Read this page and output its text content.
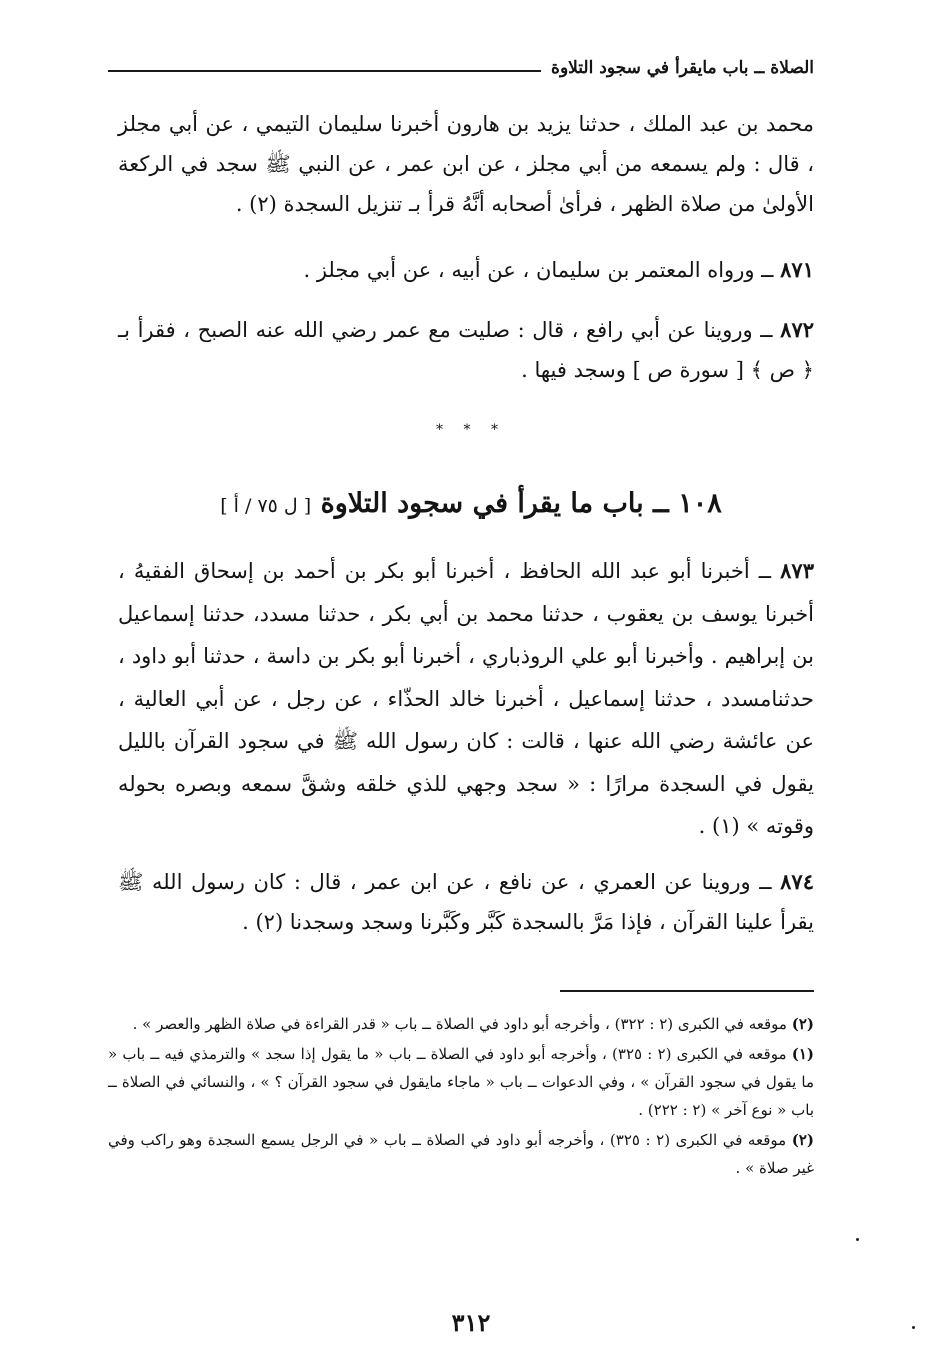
الصلاة ــ باب مايقرأ في سجود التلاوة

محمد بن عبد الملك ، حدثنا يزيد بن هارون أخبرنا سليمان التيمي ، عن أبي مجلز ، قال : ولم يسمعه من أبي مجلز ، عن ابن عمر ، عن النبي ﷺ سجد في الركعة الأولىٰ من صلاة الظهر ، فرأىٰ أصحابه أنَّهُ قرأ بـ تنزيل السجدة (٢) .

٨٧١ ــ ورواه المعتمر بن سليمان ، عن أبيه ، عن أبي مجلز .

٨٧٢ ــ وروينا عن أبي رافع ، قال : صليت مع عمر رضي الله عنه الصبح ، فقرأ بـ ﴿ ص ﴾ [ سورة ص ] وسجد فيها .

* * *
١٠٨ ــ باب ما يقرأ في سجود التلاوة [ ل ٧٥ / أ ]

٨٧٣ ــ أخبرنا أبو عبد الله الحافظ ، أخبرنا أبو بكر بن أحمد بن إسحاق الفقيهُ ، أخبرنا يوسف بن يعقوب ، حدثنا محمد بن أبي بكر ، حدثنا مسدد، حدثنا إسماعيل بن إبراهيم . وأخبرنا أبو علي الروذباري ، أخبرنا أبو بكر بن داسة ، حدثنا أبو داود ، حدثنامسدد ، حدثنا إسماعيل ، أخبرنا خالد الحذّاء ، عن رجل ، عن أبي العالية ، عن عائشة رضي الله عنها ، قالت : كان رسول الله ﷺ في سجود القرآن بالليل يقول في السجدة مرارًا : « سجد وجهي للذي خلقه وشقَّ سمعه وبصره بحوله وقوته » (١) .

٨٧٤ ــ وروينا عن العمري ، عن نافع ، عن ابن عمر ، قال : كان رسول الله ﷺ يقرأ علينا القرآن ، فإذا مَرَّ بالسجدة كَبَّر وكَبَّرنا وسجد وسجدنا (٢) .

(٢) موقعه في الكبرى (٢ : ٣٢٢) ، وأخرجه أبو داود في الصلاة ــ باب « قدر القراءة في صلاة الظهر والعصر » .

(١) موقعه في الكبرى (٢ : ٣٢٥) ، وأخرجه أبو داود في الصلاة ــ باب « ما يقول إذا سجد » والترمذي فيه ــ باب « ما يقول في سجود القرآن » ، وفي الدعوات ــ باب « ماجاء مايقول في سجود القرآن ؟ » ، والنسائي في الصلاة ــ باب « نوع آخر » (٢ : ٢٢٢) .

(٢) موقعه في الكبرى (٢ : ٣٢٥) ، وأخرجه أبو داود في الصلاة ــ باب « في الرجل يسمع السجدة وهو راكب وفي غير صلاة » .

٣١٢
